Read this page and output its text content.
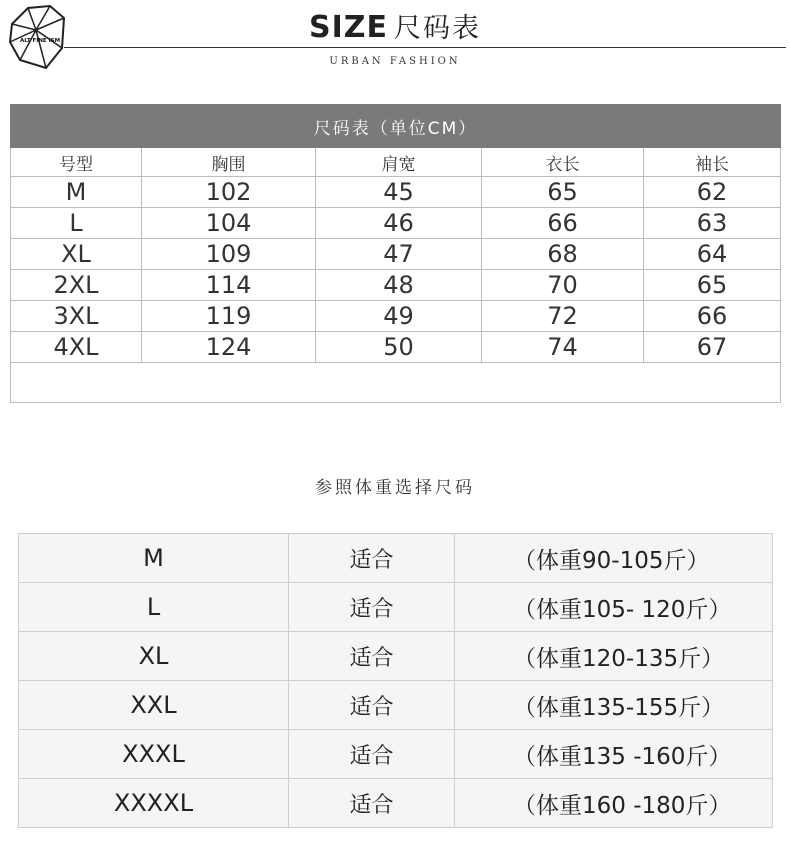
ALT FINE ISM	SIZE 尺码表
URBAN FASHION
尺码表（单位CM）				
号型	胸围	肩宽	衣长	袖长
M	102	45	65	62
L	104	46	66	63
XL	109	47	68	64
2XL	114	48	70	65
3XL	119	49	72	66
4XL	124	50	74	67

参照体重选择尺码
M	适合	（体重90-105斤）
L	适合	（体重105- 120斤）
XL	适合	（体重120-135斤）
XXL	适合	（体重135-155斤）
XXXL	适合	（体重135 -160斤）
XXXXL	适合	（体重160 -180斤）
